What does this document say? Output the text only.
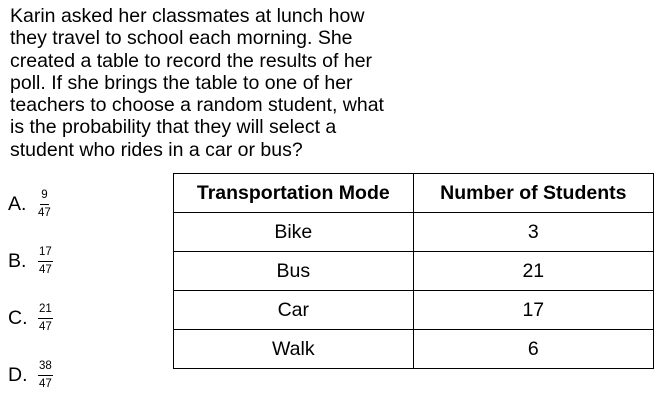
Karin asked her classmates at lunch how
they travel to school each morning. She
created a table to record the results of her
poll. If she brings the table to one of her
teachers to choose a random student, what
is the probability that they will select a
student who rides in a car or bus?
A.	$\frac{9}{47}$
B.	$\frac{17}{47}$
C. $\frac{21}{47}$
D. $\frac{38}{47}$
Transportation Mode	Number of Students
Bike	3
Bus	21
Car	17
Walk	6
